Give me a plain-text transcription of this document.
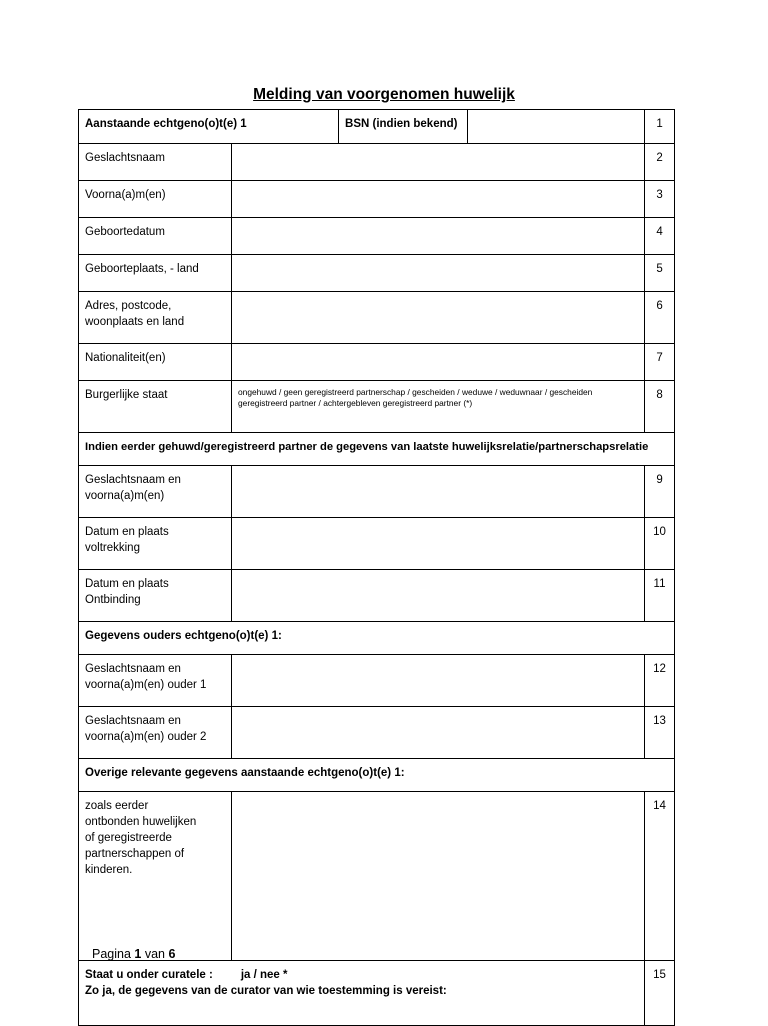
Melding van voorgenomen huwelijk
Aanstaande echtgeno(o)t(e) 1		BSN (indien bekend)		1
Geslachtsnaam				2
Voorna(a)m(en)				3
Geboortedatum				4
Geboorteplaats, - land				5
Adres, postcode, woonplaats en land				6
Nationaliteit(en)				7
Burgerlijke staat	ongehuwd / geen geregistreerd partnerschap / gescheiden / weduwe / weduwnaar / gescheiden geregistreerd partner / achtergebleven geregistreerd partner (*)			8
Indien eerder gehuwd/geregistreerd partner de gegevens van laatste huwelijksrelatie/partnerschapsrelatie				
Geslachtsnaam en voorna(a)m(en)				9
Datum en plaats voltrekking				10
Datum en plaats Ontbinding				11
Gegevens ouders echtgeno(o)t(e) 1:				
Geslachtsnaam en voorna(a)m(en) ouder 1				12
Geslachtsnaam en voorna(a)m(en) ouder 2				13
Overige relevante gegevens aanstaande echtgeno(o)t(e) 1:				
zoals eerder ontbonden huwelijken of geregistreerde partnerschappen of kinderen.				14

Staat u onder curatele : ja / nee *
Zo ja, de gegevens van de curator van wie toestemming is vereist:				15
Pagina 1 van 6
